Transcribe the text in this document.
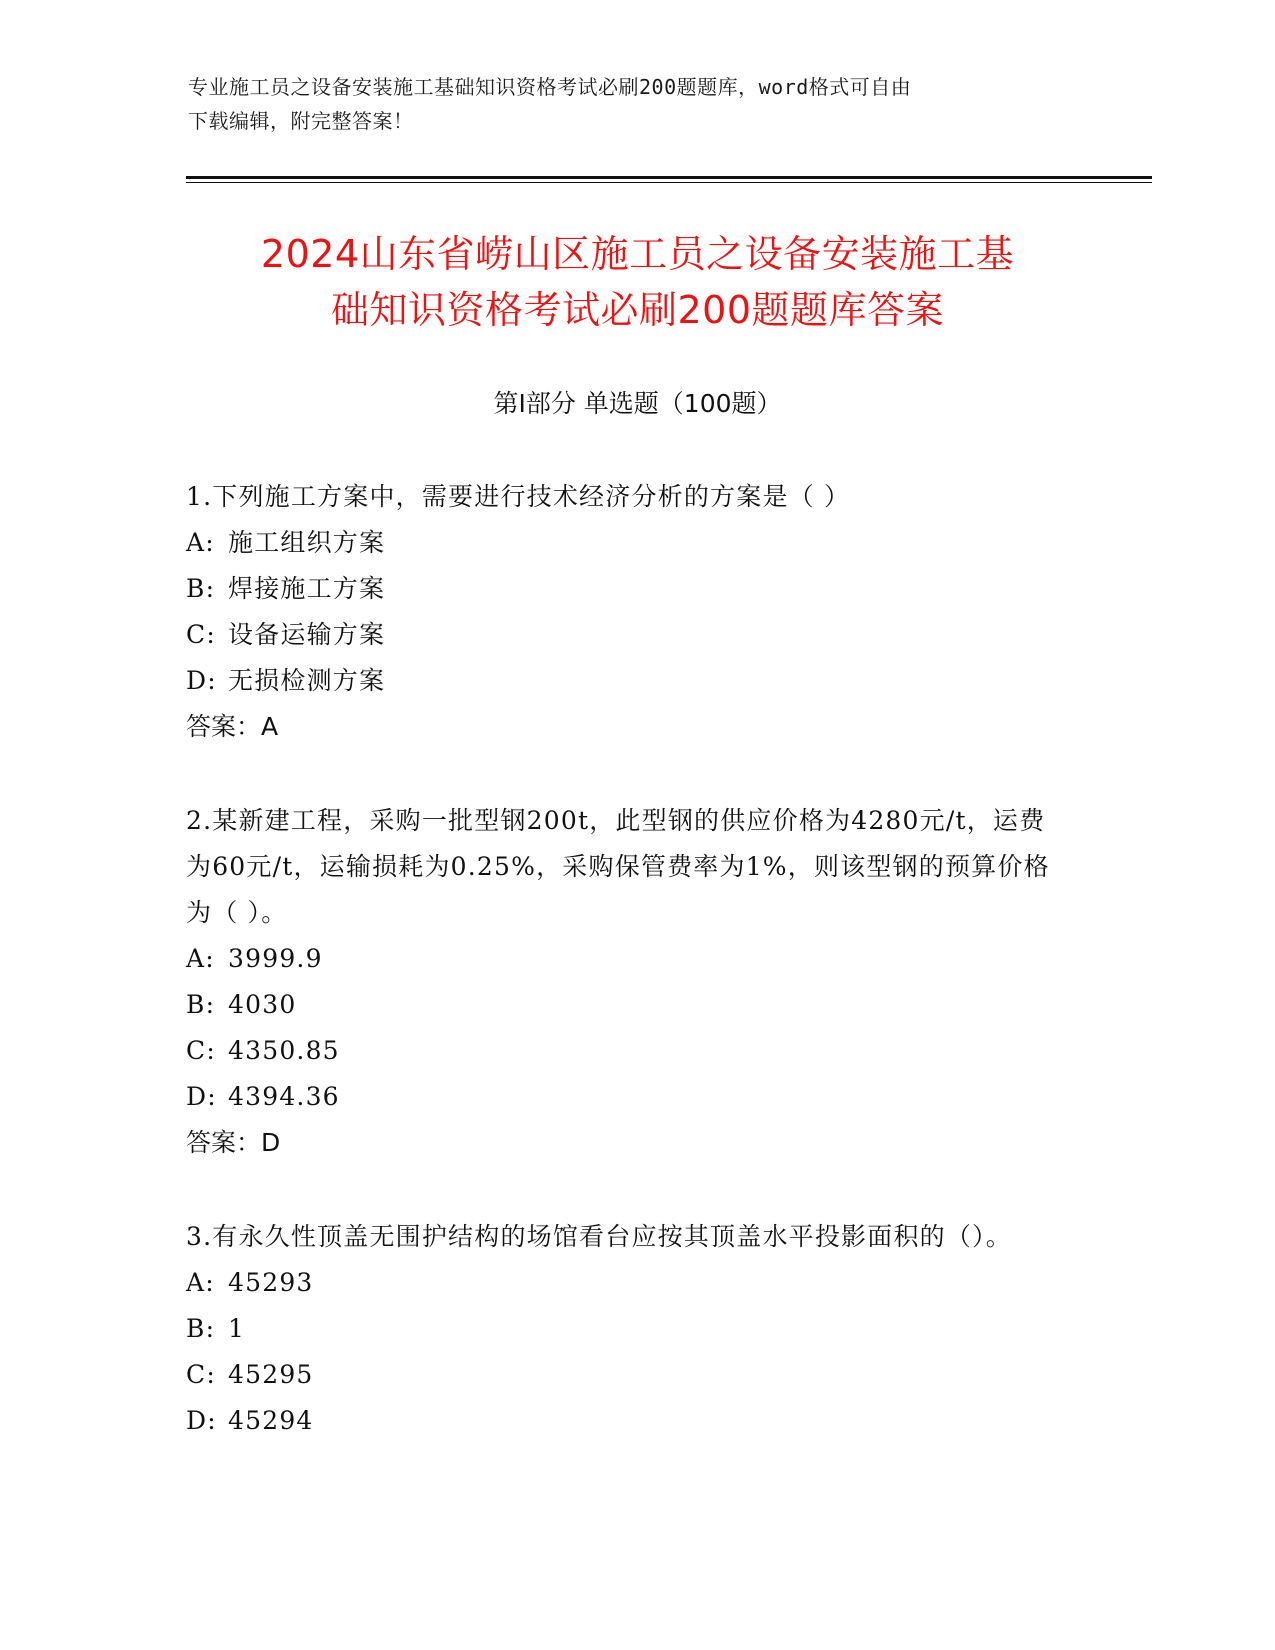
专业施工员之设备安装施工基础知识资格考试必刷200题题库，word格式可自由
下载编辑，附完整答案！
2024山东省崂山区施工员之设备安装施工基
础知识资格考试必刷200题题库答案
第Ⅰ部分 单选题（100题）
1.下列施工方案中，需要进行技术经济分析的方案是（ ）
A: 施工组织方案
B: 焊接施工方案
C: 设备运输方案
D: 无损检测方案
答案：A
2.某新建工程，采购一批型钢200t，此型钢的供应价格为4280元/t，运费为60元/t，运输损耗为0.25%，采购保管费率为1%，则该型钢的预算价格为（ ）。
A: 3999.9
B: 4030
C: 4350.85
D: 4394.36
答案：D
3.有永久性顶盖无围护结构的场馆看台应按其顶盖水平投影面积的（）。
A: 45293
B: 1
C: 45295
D: 45294
